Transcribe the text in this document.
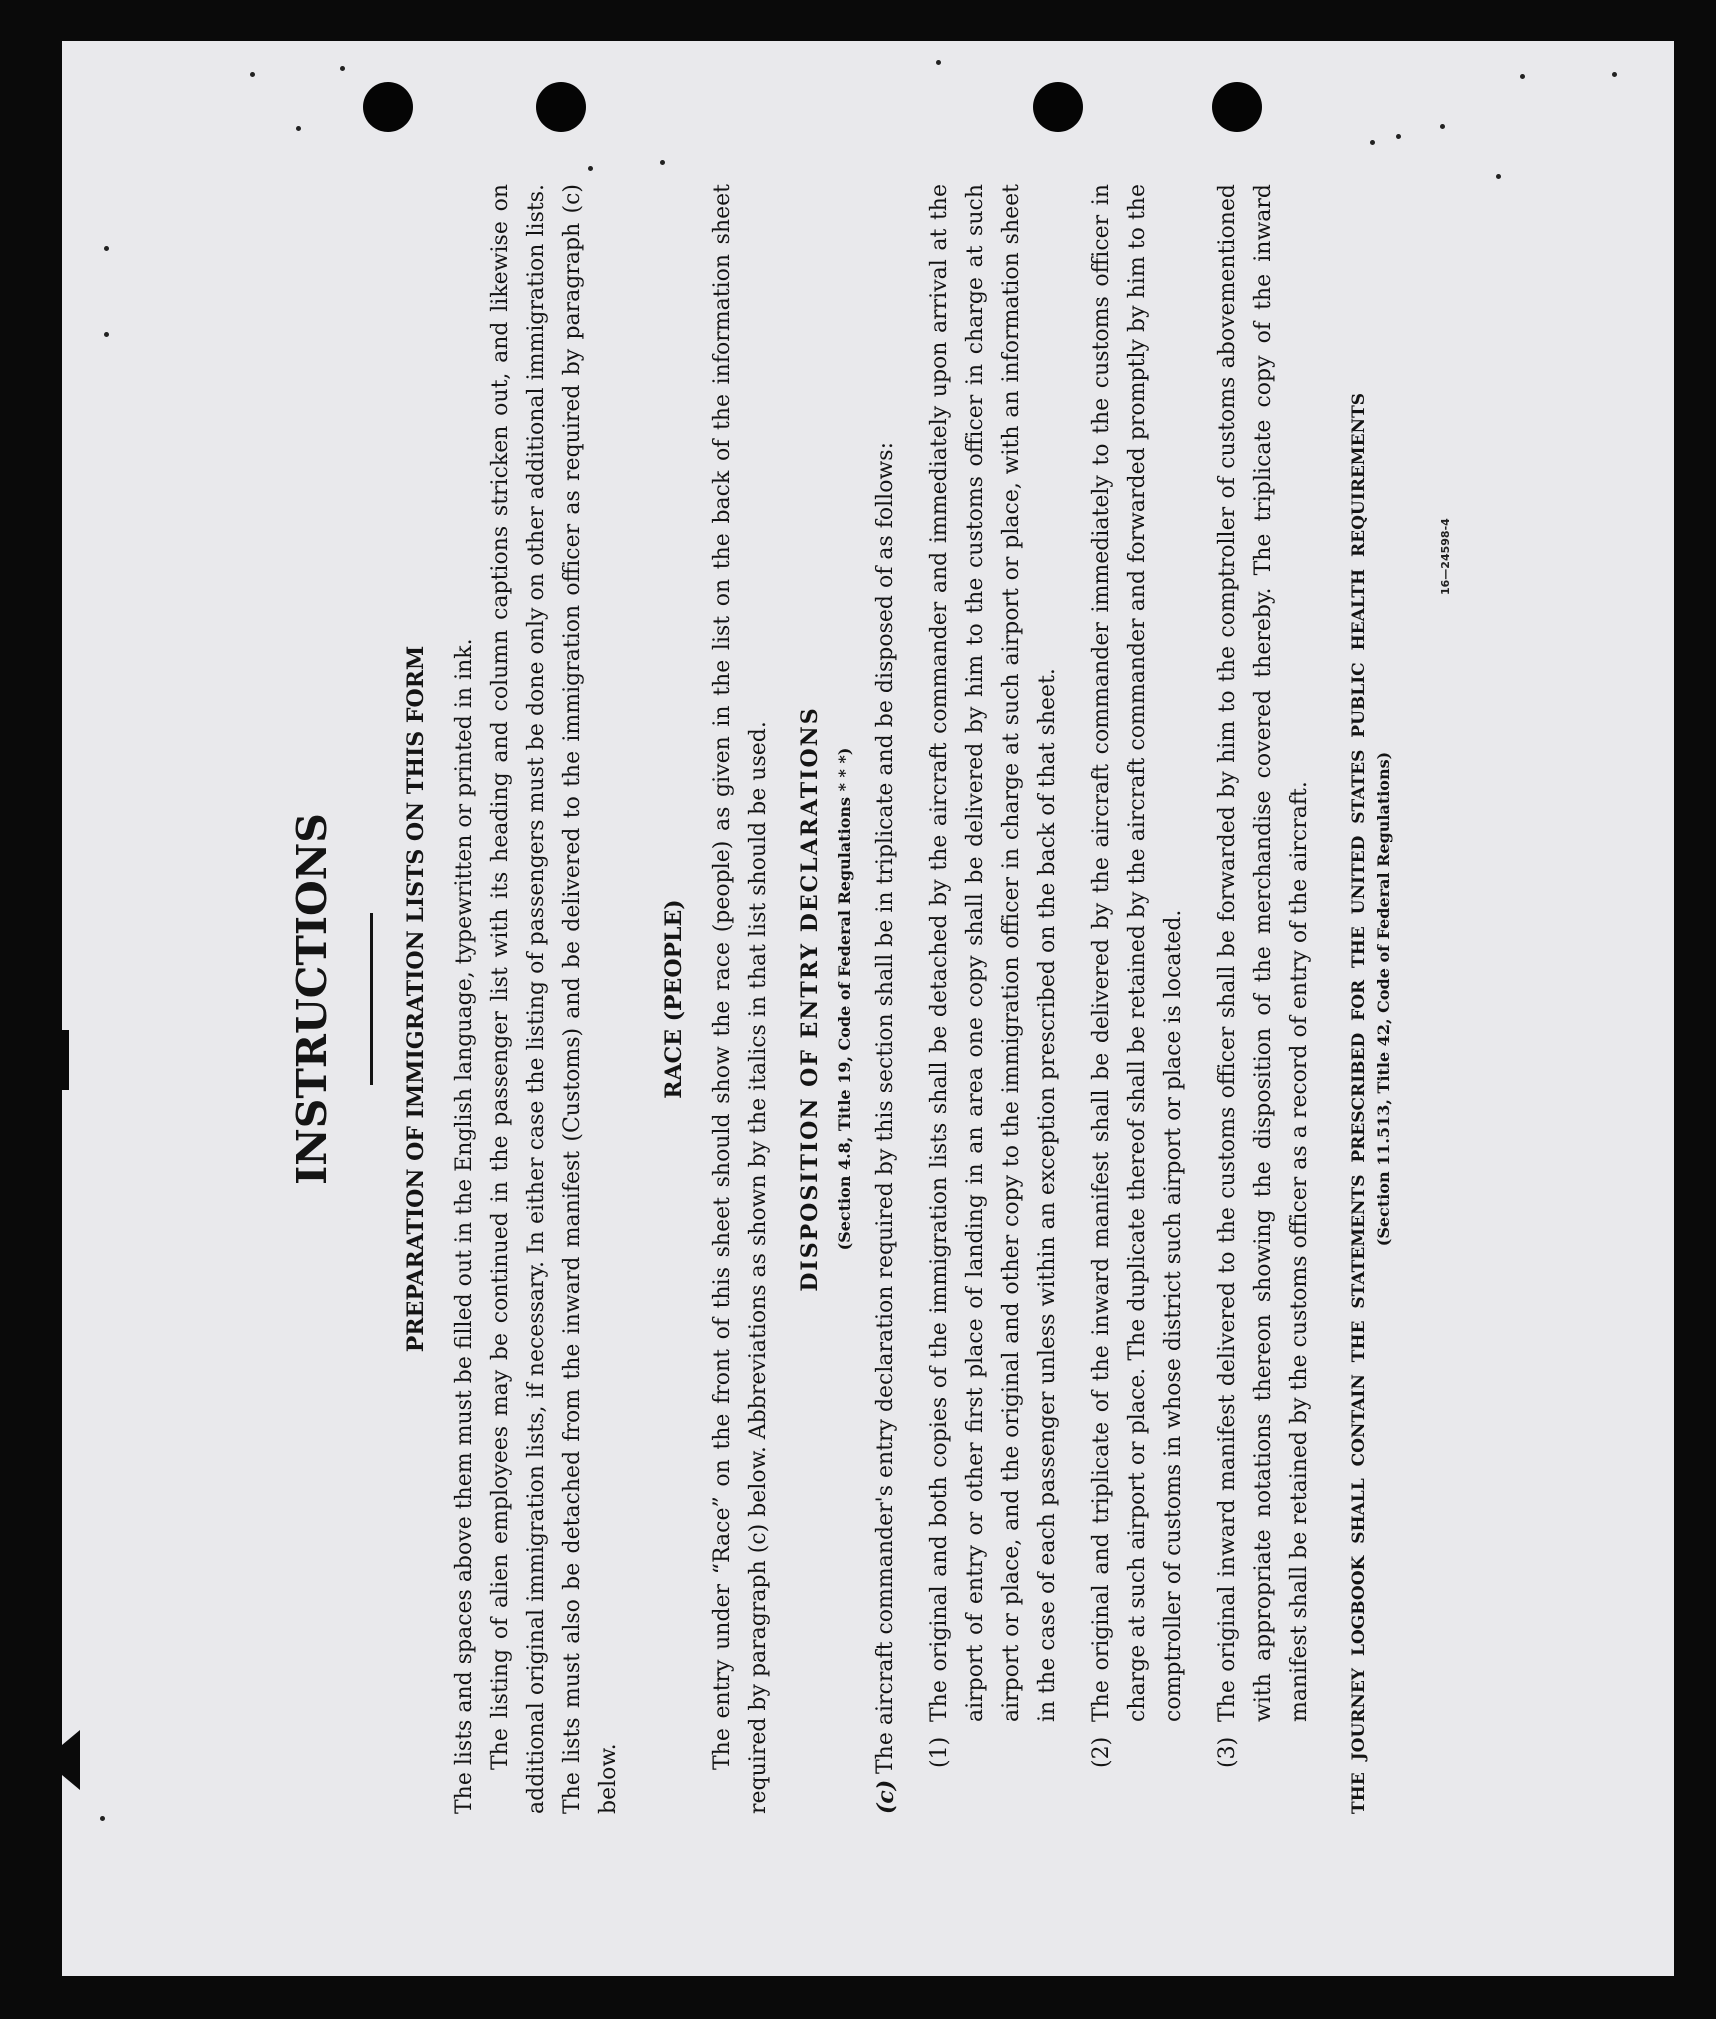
INSTRUCTIONS	PREPARATION OF IMMIGRATION LISTS ON THIS FORM The lists and spaces above them must be filled out in the English language, typewritten or printed in ink. The listing of alien employees may be continued in the passenger list with its heading and column captions stricken out, and likewise on additional original immigration lists, if necessary. In either case the listing of passengers must be done only on other additional immigration lists. The lists must also be detached from the inward manifest (Customs) and be delivered to the immigration officer as required by paragraph (c) below.

RACE (PEOPLE) The entry under “Race” on the front of this sheet should show the race (people) as given in the list on the back of the information sheet required by paragraph (c) below. Abbreviations as shown by the italics in that list should be used. DISPOSITION OF ENTRY DECLARATIONS (Section 4.8, Title 19, Code of Federal Regulations * * *)
(c)
The aircraft commander's entry declaration required by this section shall be in triplicate and be disposed of as follows: (1)
The original and both copies of the immigration lists shall be detached by the aircraft commander and immediately upon arrival at the airport of entry or other first place of landing in an area one copy shall be delivered by him to the customs officer in charge at such airport or place, and the original and other copy to the immigration officer in charge at such airport or place, with an information sheet in the case of each passenger unless within an exception prescribed on the back of that sheet.
(2)
The original and triplicate of the inward manifest shall be delivered by the aircraft commander immediately to the customs officer in charge at such airport or place. The duplicate thereof shall be retained by the aircraft commander and forwarded promptly by him to the comptroller of customs in whose district such airport or place is located.
(3)
The original inward manifest delivered to the customs officer shall be forwarded by him to the comptroller of customs abovementioned with appropriate notations thereon showing the disposition of the merchandise covered thereby. The triplicate copy of the inward manifest shall be retained by the customs officer as a record of entry of the aircraft.	THE JOURNEY LOGBOOK SHALL CONTAIN THE STATEMENTS PRESCRIBED FOR THE UNITED STATES PUBLIC HEALTH REQUIREMENTS (Section 11.513, Title 42, Code of Federal Regulations)
16—24598-4
